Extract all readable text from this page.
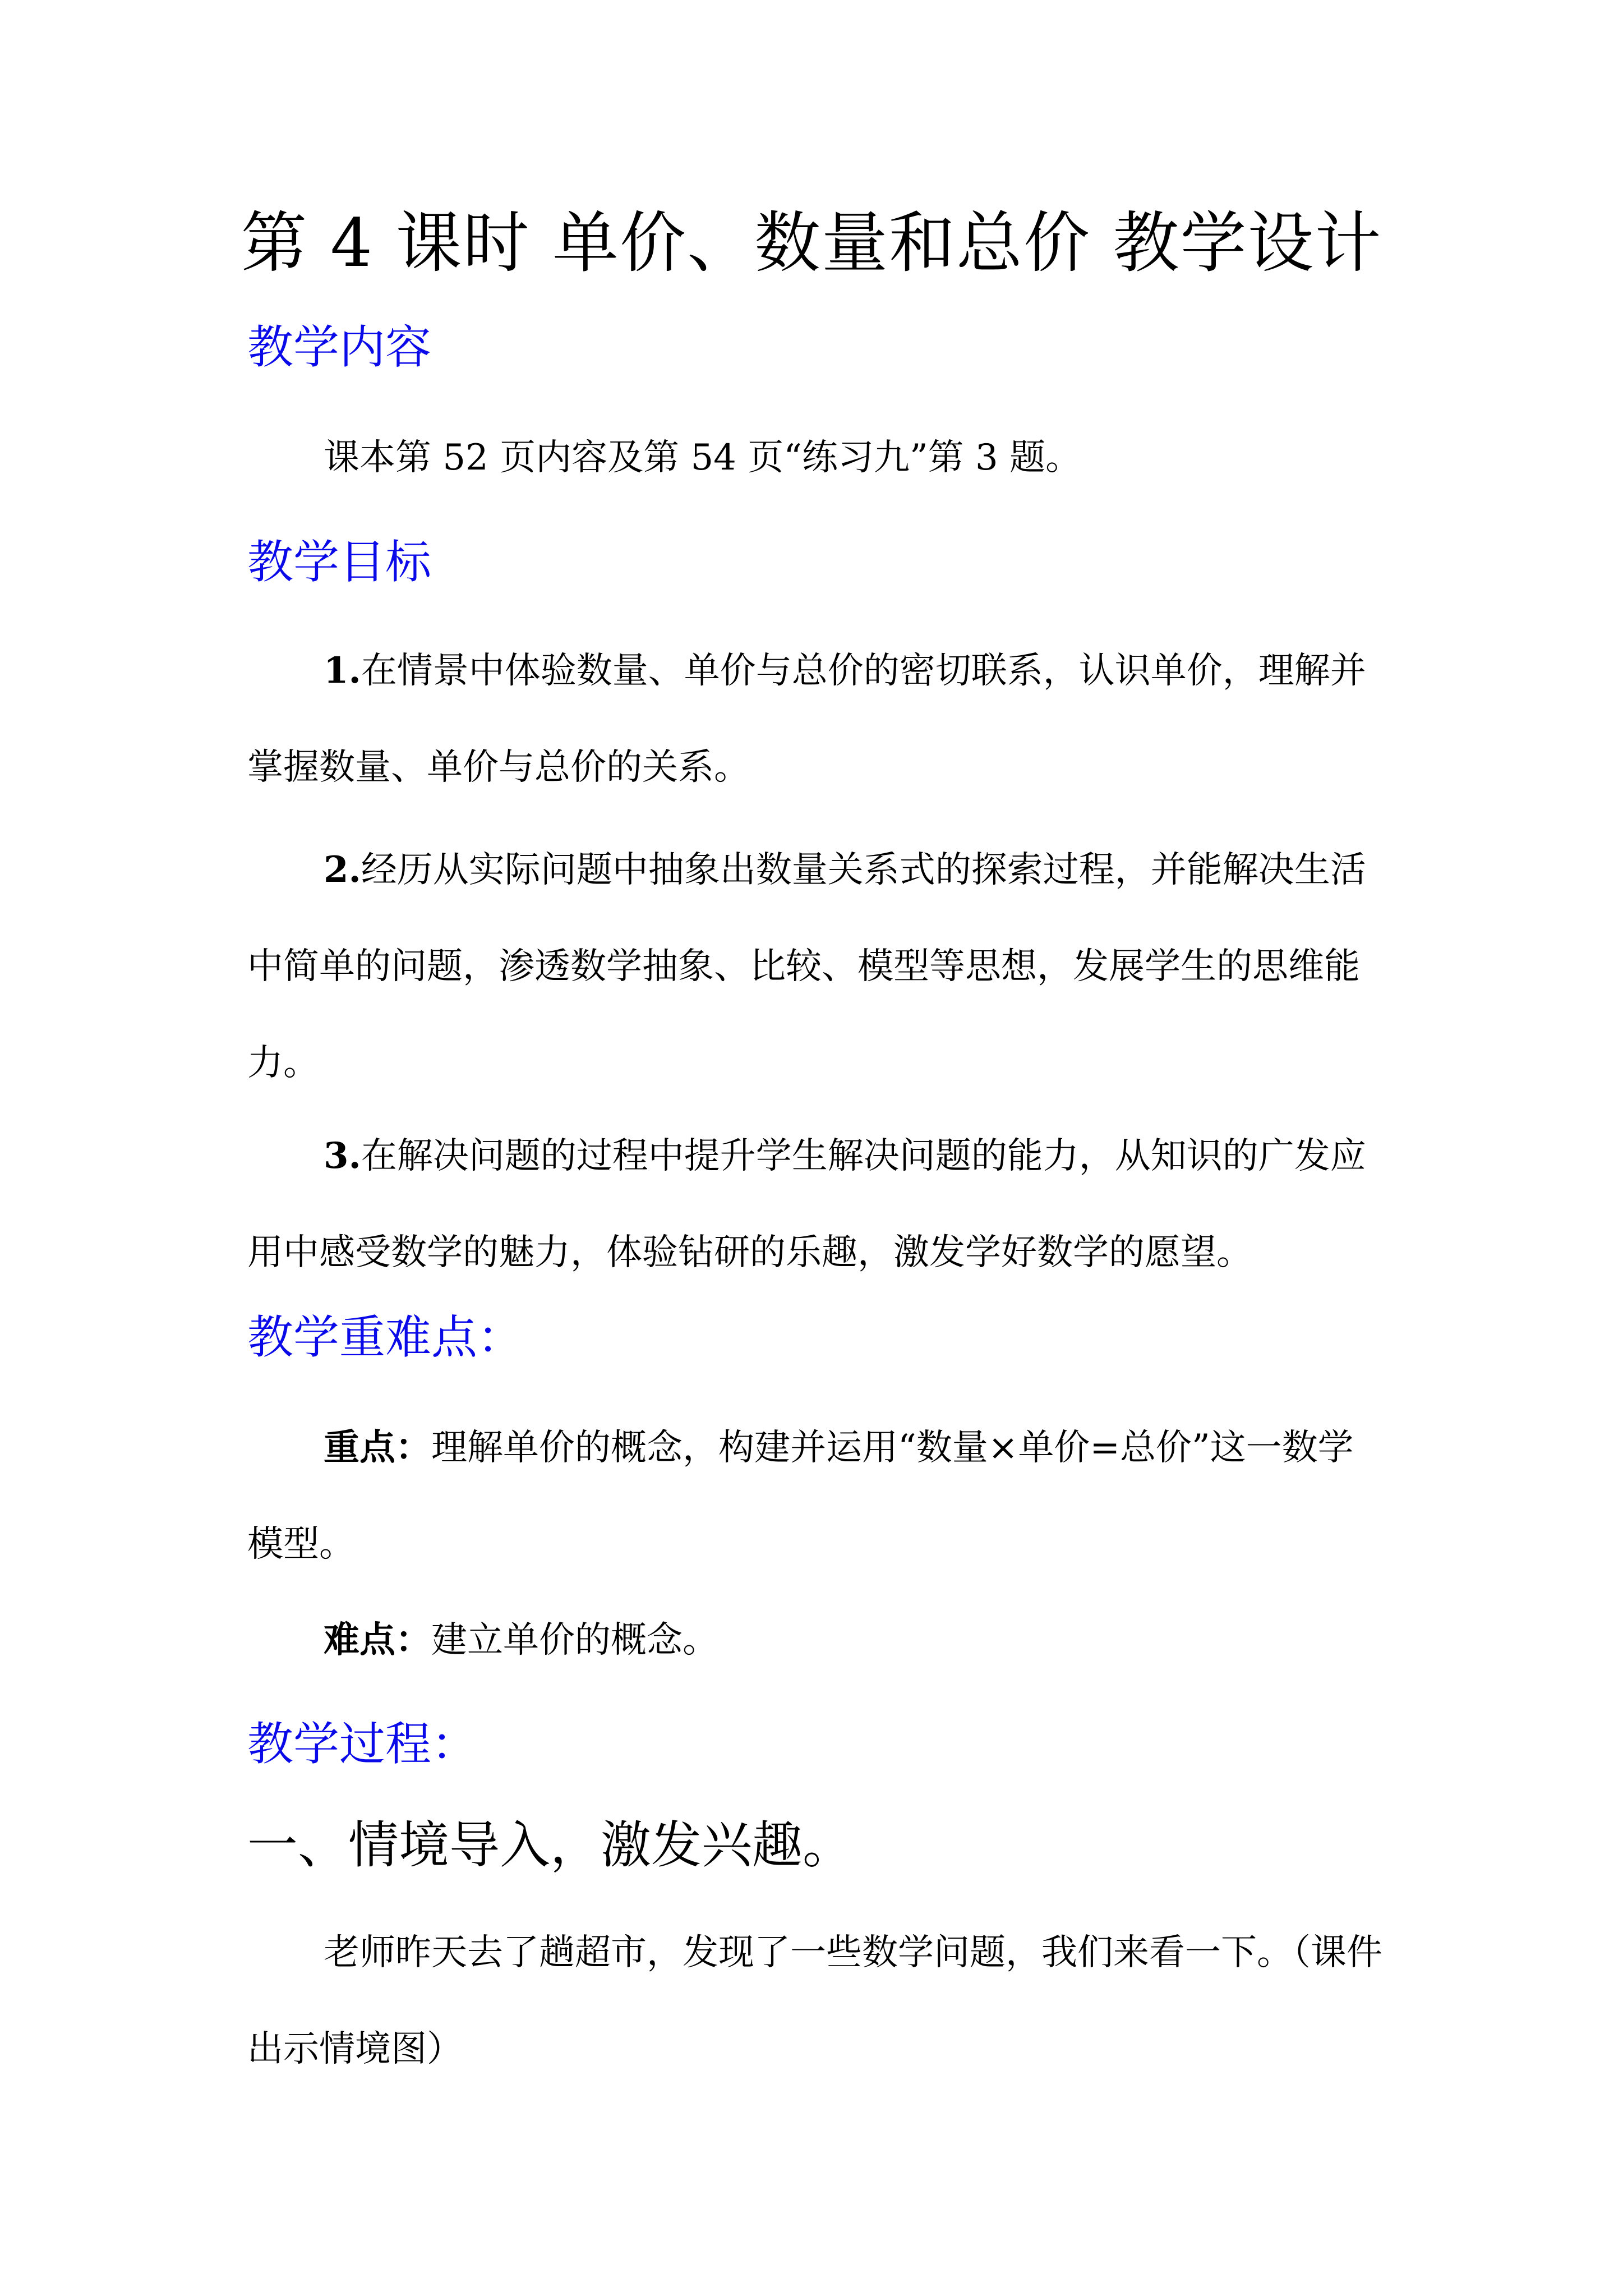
第 4 课时 单价、数量和总价 教学设计
教学内容
课本第 52 页内容及第 54 页“练习九”第 3 题。
教学目标
1.在情景中体验数量、单价与总价的密切联系，认识单价，理解并掌握数量、单价与总价的关系。
2.经历从实际问题中抽象出数量关系式的探索过程，并能解决生活中简单的问题，渗透数学抽象、比较、模型等思想，发展学生的思维能力。
3.在解决问题的过程中提升学生解决问题的能力，从知识的广发应用中感受数学的魅力，体验钻研的乐趣，激发学好数学的愿望。
教学重难点：
重点：理解单价的概念，构建并运用“数量×单价=总价”这一数学模型。
难点：建立单价的概念。
教学过程：
一、情境导入，激发兴趣。
老师昨天去了趟超市，发现了一些数学问题，我们来看一下。（课件出示情境图）
